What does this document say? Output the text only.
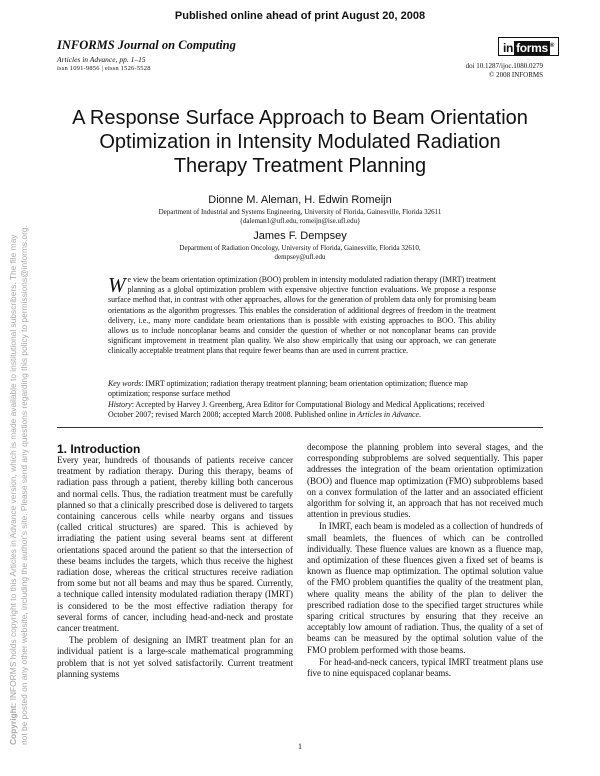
Published online ahead of print August 20, 2008
INFORMS Journal on Computing
Articles in Advance, pp. 1–15
issn 1091-9856 | eissn 1526-5528
in forms ®
doi 10.1287/ijoc.1080.0279
© 2008 INFORMS
A Response Surface Approach to Beam Orientation Optimization in Intensity Modulated Radiation Therapy Treatment Planning
Dionne M. Aleman, H. Edwin Romeijn
Department of Industrial and Systems Engineering, University of Florida, Gainesville, Florida 32611
{daleman1@ufl.edu, romeijn@ise.ufl.edu}
James F. Dempsey
Department of Radiation Oncology, University of Florida, Gainesville, Florida 32610,
dempsey@ufl.edu
We view the beam orientation optimization (BOO) problem in intensity modulated radiation therapy (IMRT) treatment planning as a global optimization problem with expensive objective function evaluations. We propose a response surface method that, in contrast with other approaches, allows for the generation of problem data only for promising beam orientations as the algorithm progresses. This enables the consideration of additional degrees of freedom in the treatment delivery, i.e., many more candidate beam orientations than is possible with existing approaches to BOO. This ability allows us to include noncoplanar beams and consider the question of whether or not noncoplanar beams can provide significant improvement in treatment plan quality. We also show empirically that using our approach, we can generate clinically acceptable treatment plans that require fewer beams than are used in current practice.
Key words: IMRT optimization; radiation therapy treatment planning; beam orientation optimization; fluence map optimization; response surface method
History: Accepted by Harvey J. Greenberg, Area Editor for Computational Biology and Medical Applications; received October 2007; revised March 2008; accepted March 2008. Published online in Articles in Advance.
1. Introduction

Every year, hundreds of thousands of patients receive cancer treatment by radiation therapy. During this therapy, beams of radiation pass through a patient, thereby killing both cancerous and normal cells. Thus, the radiation treatment must be carefully planned so that a clinically prescribed dose is delivered to targets containing cancerous cells while nearby organs and tissues (called critical structures) are spared. This is achieved by irradiating the patient using several beams sent at different orientations spaced around the patient so that the intersection of these beams includes the targets, which thus receive the highest radiation dose, whereas the critical structures receive radiation from some but not all beams and may thus be spared. Currently, a technique called intensity modulated radiation therapy (IMRT) is considered to be the most effective radiation therapy for several forms of cancer, including head-and-neck and prostate cancer treatment.

The problem of designing an IMRT treatment plan for an individual patient is a large-scale mathematical programming problem that is not yet solved satisfactorily. Current treatment planning systems

decompose the planning problem into several stages, and the corresponding subproblems are solved sequentially. This paper addresses the integration of the beam orientation optimization (BOO) and fluence map optimization (FMO) subproblems based on a convex formulation of the latter and an associated efficient algorithm for solving it, an approach that has not received much attention in previous studies.

In IMRT, each beam is modeled as a collection of hundreds of small beamlets, the fluences of which can be controlled individually. These fluence values are known as a fluence map, and optimization of these fluences given a fixed set of beams is known as fluence map optimization. The optimal solution value of the FMO problem quantifies the quality of the treatment plan, where quality means the ability of the plan to deliver the prescribed radiation dose to the specified target structures while sparing critical structures by ensuring that they receive an acceptably low amount of radiation. Thus, the quality of a set of beams can be measured by the optimal solution value of the FMO problem performed with those beams.

For head-and-neck cancers, typical IMRT treatment plans use five to nine equispaced coplanar beams.

1
Copyright: INFORMS holds copyright to this Articles in Advance version, which is made available to institutional subscribers. The file may not be posted on any other website, including the author's site. Please send any questions regarding this policy to permissions@informs.org.
